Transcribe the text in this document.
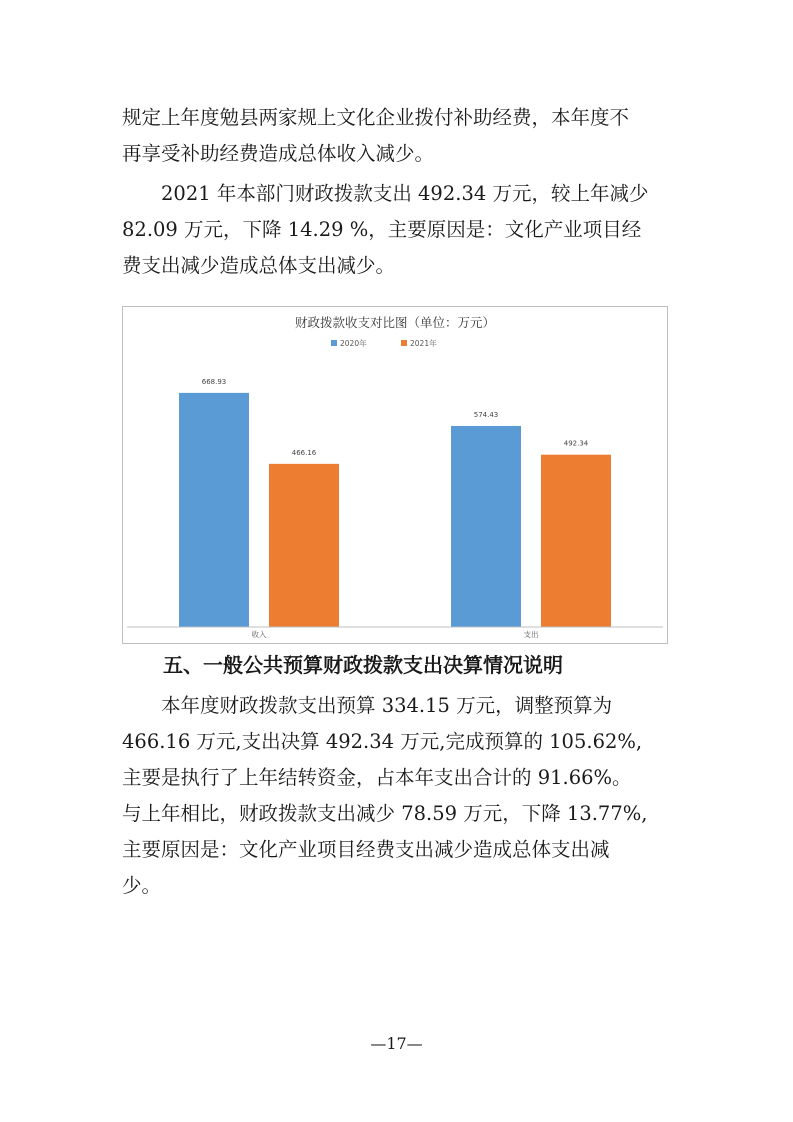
规定上年度勉县两家规上文化企业拨付补助经费，本年度不
再享受补助经费造成总体收入减少。
　　2021 年本部门财政拨款支出 492.34 万元，较上年减少
82.09 万元，下降 14.29 %，主要原因是：文化产业项目经
费支出减少造成总体支出减少。
财政拨款收支对比图（单位：万元）
2020年	2021年
668.93
466.16
574.43
492.34
收入	支出

五、一般公共预算财政拨款支出决算情况说明

　　本年度财政拨款支出预算 334.15 万元，调整预算为
466.16 万元,支出决算 492.34 万元,完成预算的 105.62%,
主要是执行了上年结转资金，占本年支出合计的 91.66%。
与上年相比，财政拨款支出减少 78.59 万元，下降 13.77%,
主要原因是：文化产业项目经费支出减少造成总体支出减
少。
—17—
